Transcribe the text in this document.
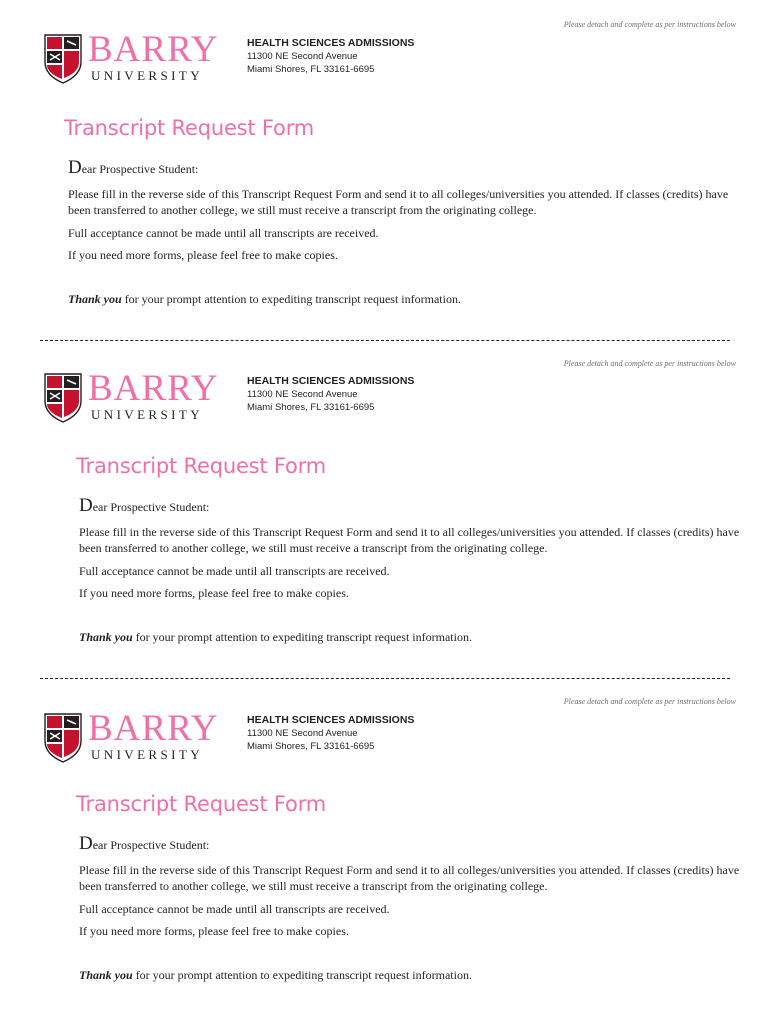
Please detach and complete as per instructions below
BARRY
UNIVERSITY
HEALTH SCIENCES ADMISSIONS
11300 NE Second Avenue
Miami Shores, FL 33161-6695
Transcript Request Form
Dear Prospective Student:
Please fill in the reverse side of this Transcript Request Form and send it to all colleges/universities you attended. If classes (credits) have been transferred to another college, we still must receive a transcript from the originating college.
Full acceptance cannot be made until all transcripts are received.
If you need more forms, please feel free to make copies.
Thank you for your prompt attention to expediting transcript request information.
Please detach and complete as per instructions below
BARRY
UNIVERSITY
HEALTH SCIENCES ADMISSIONS
11300 NE Second Avenue
Miami Shores, FL 33161-6695
Transcript Request Form
Dear Prospective Student:
Please fill in the reverse side of this Transcript Request Form and send it to all colleges/universities you attended. If classes (credits) have been transferred to another college, we still must receive a transcript from the originating college.
Full acceptance cannot be made until all transcripts are received.
If you need more forms, please feel free to make copies.
Thank you for your prompt attention to expediting transcript request information.
Please detach and complete as per instructions below
BARRY
UNIVERSITY
HEALTH SCIENCES ADMISSIONS
11300 NE Second Avenue
Miami Shores, FL 33161-6695
Transcript Request Form
Dear Prospective Student:
Please fill in the reverse side of this Transcript Request Form and send it to all colleges/universities you attended. If classes (credits) have been transferred to another college, we still must receive a transcript from the originating college.
Full acceptance cannot be made until all transcripts are received.
If you need more forms, please feel free to make copies.
Thank you for your prompt attention to expediting transcript request information.
